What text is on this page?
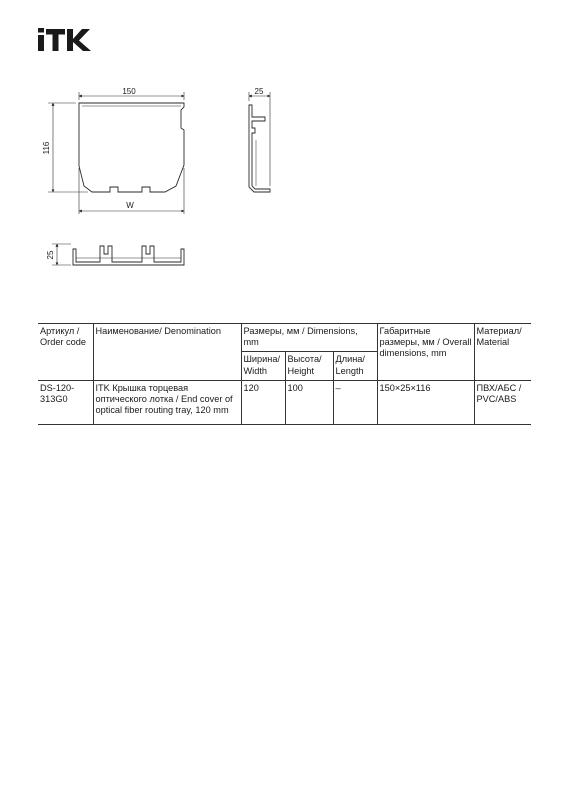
150
116
W
25
25
Артикул / Order code	Наименование/ Denomination	Размеры, мм / Dimensions, mm			Габаритные размеры, мм / Overall dimensions, mm	Материал/ Material
		Ширина/ Width	Высота/ Height	Длина/ Length		
DS-120-313G0	ITK Крышка торцевая оптического лотка / End cover of optical fiber routing tray, 120 mm	120	100	–	150×25×116	ПВХ/АБС / PVC/ABS
